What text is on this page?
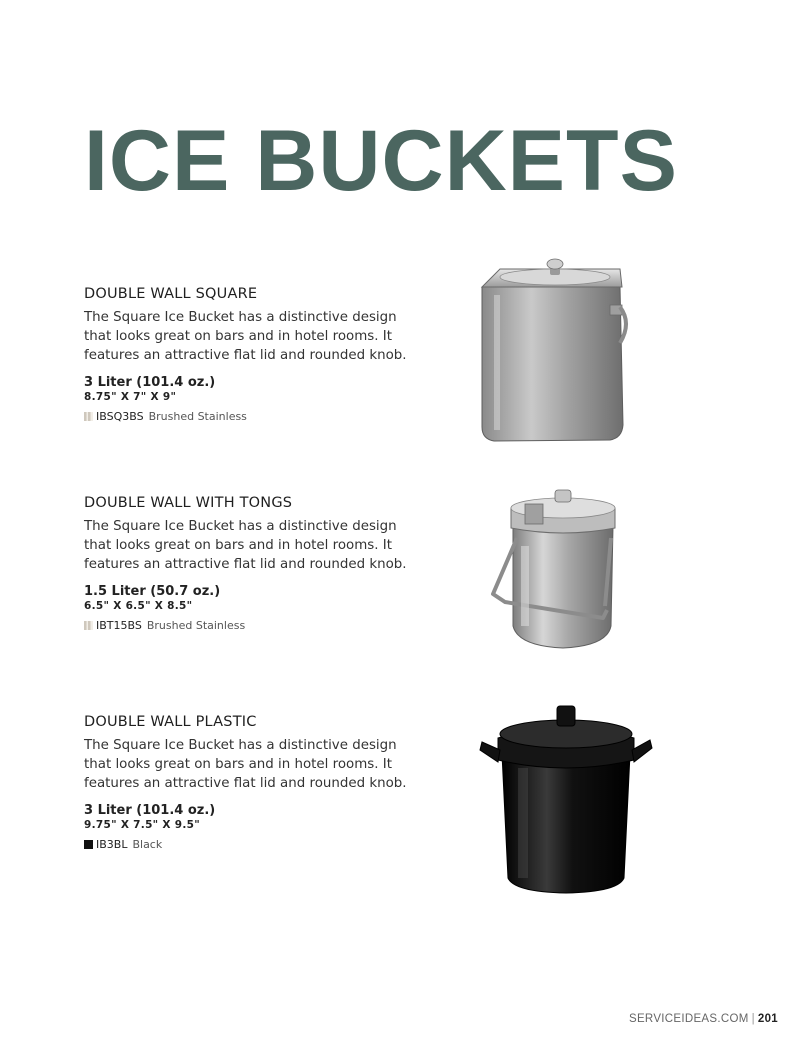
ICE BUCKETS
DOUBLE WALL SQUARE

The Square Ice Bucket has a distinctive design that looks great on bars and in hotel rooms. It features an attractive flat lid and rounded knob.

3 Liter (101.4 oz.)
8.75" X 7" X 9"
IBSQ3BS Brushed Stainless
DOUBLE WALL WITH TONGS

The Square Ice Bucket has a distinctive design that looks great on bars and in hotel rooms. It features an attractive flat lid and rounded knob.

1.5 Liter (50.7 oz.)
6.5" X 6.5" X 8.5"
IBT15BS Brushed Stainless
DOUBLE WALL PLASTIC

The Square Ice Bucket has a distinctive design that looks great on bars and in hotel rooms. It features an attractive flat lid and rounded knob.

3 Liter (101.4 oz.)
9.75" X 7.5" X 9.5"
IB3BL Black
SERVICEIDEAS.COM | 201
